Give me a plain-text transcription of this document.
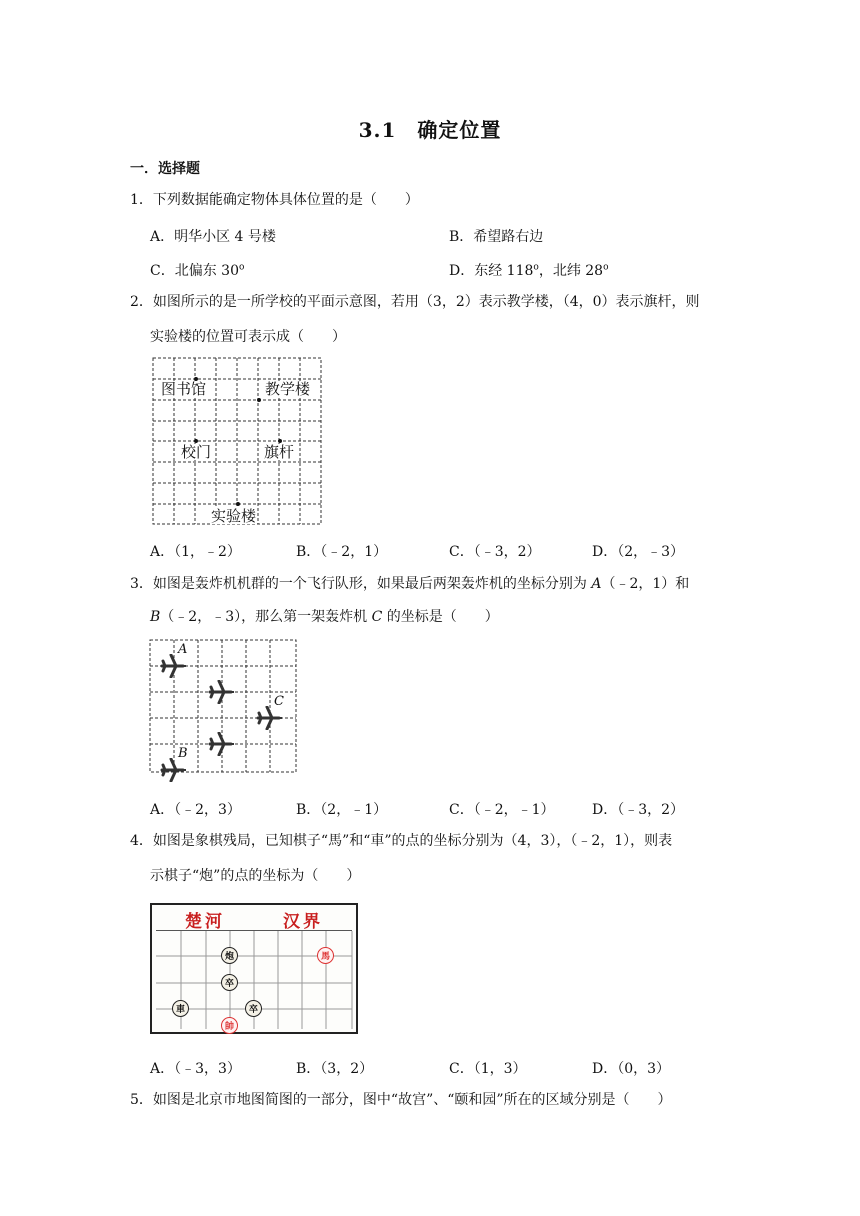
3.1　确定位置
一．选择题
1．下列数据能确定物体具体位置的是（　　）
A．明华小区 4 号楼	B．希望路右边
C．北偏东 30$^o$	D．东经 118$^o$，北纬 28$^o$
2．如图所示的是一所学校的平面示意图，若用（3，2）表示教学楼，（4，0）表示旗杆，则
实验楼的位置可表示成（　　）
图书馆	教学楼
校门	旗杆
实验楼
A．（1，﹣2）	B．（﹣2，1）	C．（﹣3，2）	D．（2，﹣3）
3．如图是轰炸机机群的一个飞行队形，如果最后两架轰炸机的坐标分别为 A（﹣2，1）和
B（﹣2，﹣3），那么第一架轰炸机 C 的坐标是（　　）
A
C
B
A．（﹣2，3）	B．（2，﹣1）	C．（﹣2，﹣1）	D．（﹣3，2）
4．如图是象棋残局，已知棋子“馬”和“車”的点的坐标分别为（4，3），（﹣2，1），则表
示棋子“炮”的点的坐标为（　　）
楚河	汉界
炮	馬
卒
車	卒
帥
A．（﹣3，3）	B．（3，2）	C．（1，3）	D．（0，3）
5．如图是北京市地图简图的一部分，图中“故宫”、“颐和园”所在的区域分别是（　　）
